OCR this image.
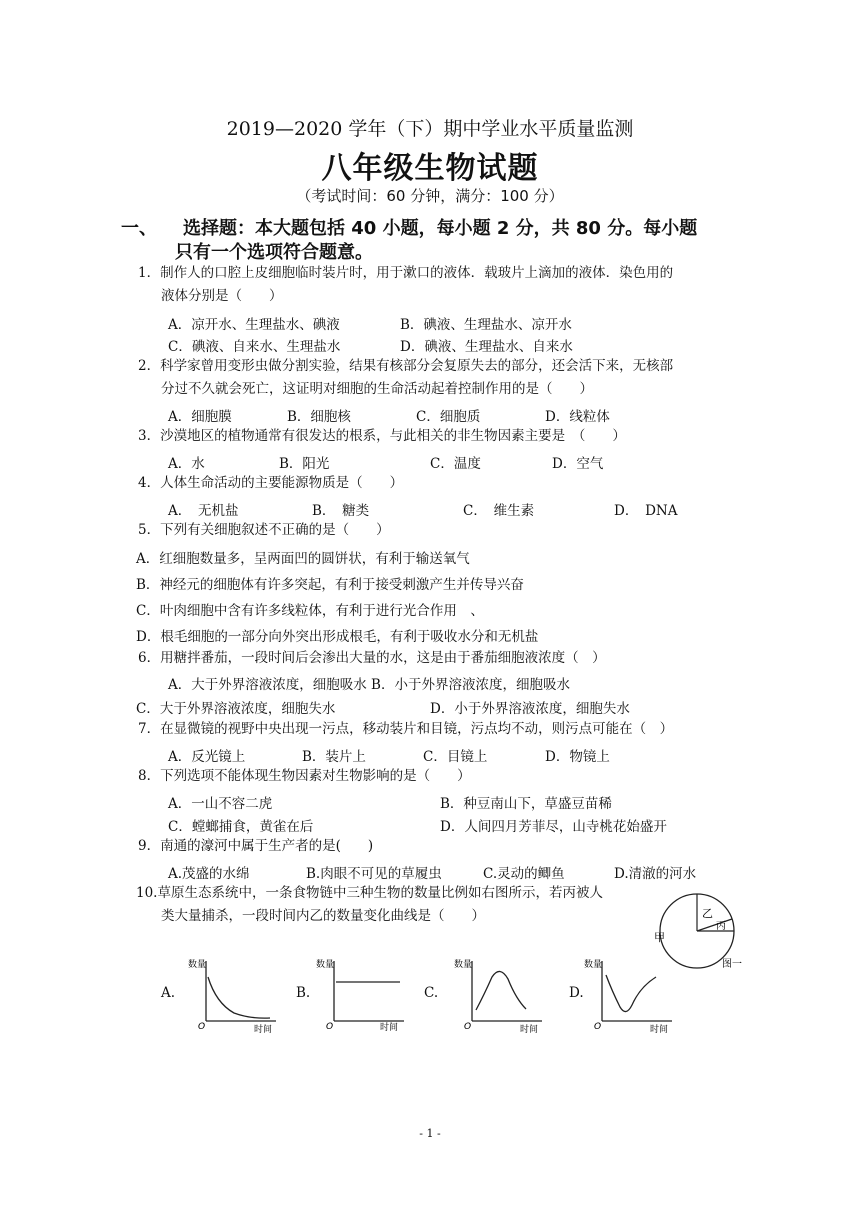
2019—2020 学年（下）期中学业水平质量监测
八年级生物试题
（考试时间：60 分钟，满分：100 分）
一、 选择题：本大题包括 40 小题，每小题 2 分，共 80 分。每小题
只有一个选项符合题意。
1．制作人的口腔上皮细胞临时装片时，用于漱口的液体．载玻片上滴加的液体．染色用的
液体分别是（　　）
A．凉开水、生理盐水、碘液	B．碘液、生理盐水、凉开水
C．碘液、自来水、生理盐水	D．碘液、生理盐水、自来水
2．科学家曾用变形虫做分割实验，结果有核部分会复原失去的部分，还会活下来，无核部
分过不久就会死亡，这证明对细胞的生命活动起着控制作用的是（　　）
A．细胞膜	B．细胞核	C．细胞质	D．线粒体
3．沙漠地区的植物通常有很发达的根系，与此相关的非生物因素主要是　（　　）
A．水	B．阳光	C．温度	D．空气
4．人体生命活动的主要能源物质是（　　）
A．　无机盐	B．　糖类	C．　维生素	D．　DNA
5．下列有关细胞叙述不正确的是（　　）
A．红细胞数量多，呈两面凹的圆饼状，有利于输送氧气
B．神经元的细胞体有许多突起，有利于接受刺激产生并传导兴奋
C．叶肉细胞中含有许多线粒体，有利于进行光合作用　、
D．根毛细胞的一部分向外突出形成根毛，有利于吸收水分和无机盐
6．用糖拌番茄，一段时间后会渗出大量的水，这是由于番茄细胞液浓度（　）
A．大于外界溶液浓度，细胞吸水 B．小于外界溶液浓度，细胞吸水
C．大于外界溶液浓度，细胞失水	D．小于外界溶液浓度，细胞失水
7．在显微镜的视野中央出现一污点，移动装片和目镜，污点均不动，则污点可能在（　）
A．反光镜上	B．装片上	C．目镜上	D．物镜上
8．下列选项不能体现生物因素对生物影响的是（　　）
A．一山不容二虎	B．种豆南山下，草盛豆苗稀
C．螳螂捕食，黄雀在后	D．人间四月芳菲尽，山寺桃花始盛开
9．南通的濠河中属于生产者的是(　　)
A.茂盛的水绵	B.肉眼不可见的草履虫	C.灵动的鲫鱼	D.清澈的河水
10.草原生态系统中，一条食物链中三种生物的数量比例如右图所示，若丙被人
类大量捕杀，一段时间内乙的数量变化曲线是（　　）	乙
丙
甲
图一
A.	B.	C.	D.
数量
O	时间
数量
O	时间
数量
O	时间
数量
O	时间
- 1 -
